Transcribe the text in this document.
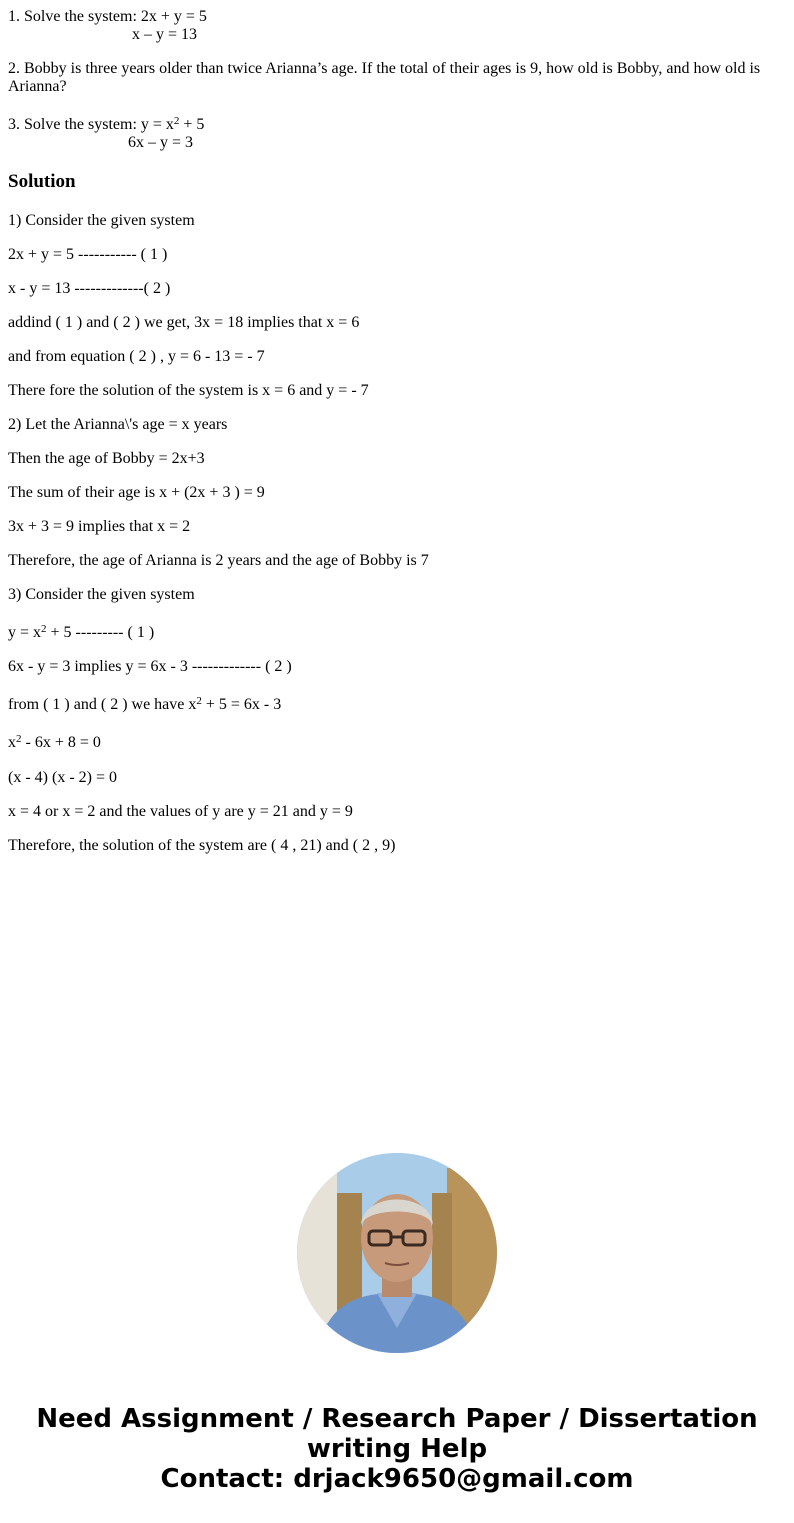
1. Solve the system: 2x + y = 5
x – y = 13
2. Bobby is three years older than twice Arianna’s age. If the total of their ages is 9, how old is Bobby, and how old is Arianna?
3. Solve the system: $y = x^2 + 5$
6x – y = 3
Solution
1) Consider the given system
2x + y = 5 ----------- ( 1 )
x - y = 13 -------------( 2 )
addind ( 1 ) and ( 2 ) we get, 3x = 18 implies that x = 6
and from equation ( 2 ) , y = 6 - 13 = - 7
There fore the solution of the system is x = 6 and y = - 7
2) Let the Arianna\'s age = x years
Then the age of Bobby = 2x+3
The sum of their age is x + (2x + 3 ) = 9
3x + 3 = 9 implies that x = 2
Therefore, the age of Arianna is 2 years and the age of Bobby is 7
3) Consider the given system
$y = x^2 + 5$ --------- ( 1 )
6x - y = 3 implies y = 6x - 3 ------------- ( 2 )
from ( 1 ) and ( 2 ) we have $x^2 + 5 = 6x - 3$
$x^2 - 6x + 8 = 0$
(x - 4) (x - 2) = 0
x = 4 or x = 2 and the values of y are y = 21 and y = 9
Therefore, the solution of the system are ( 4 , 21) and ( 2 , 9)
Need Assignment / Research Paper / Dissertation
writing Help
Contact: drjack9650@gmail.com
